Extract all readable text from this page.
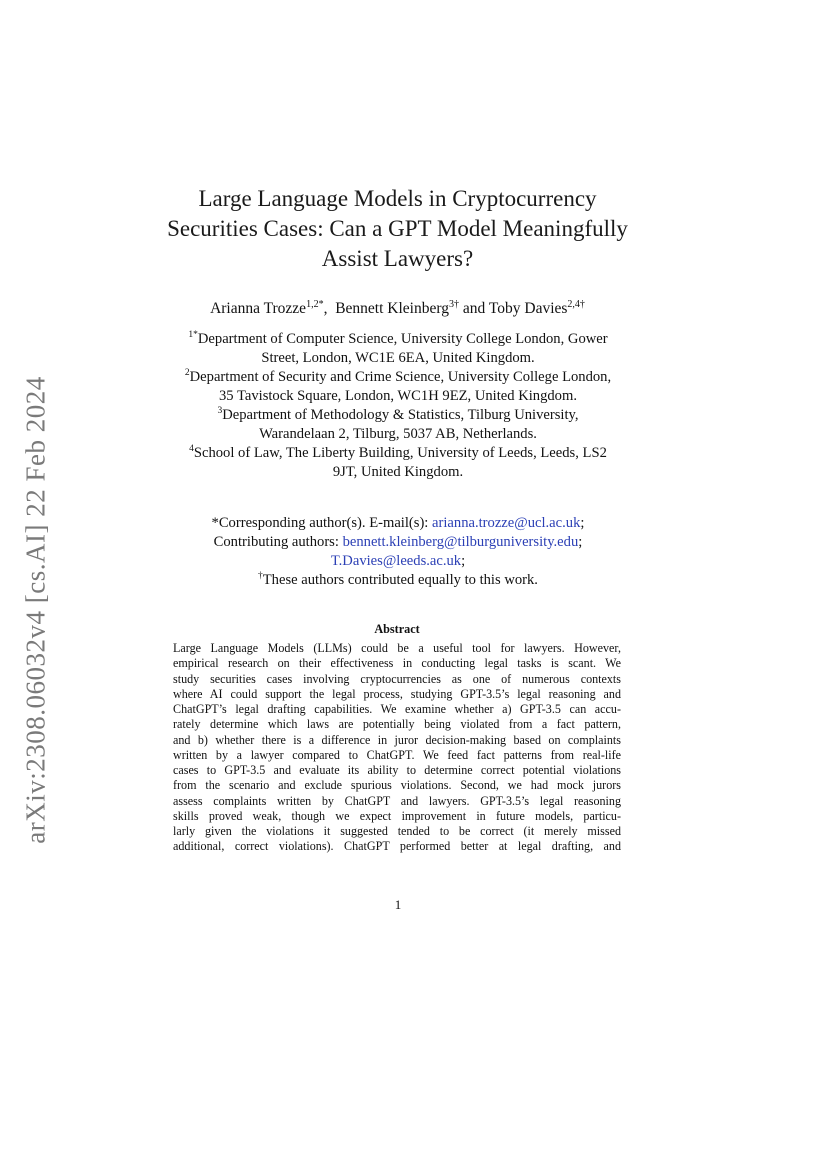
arXiv:2308.06032v4 [cs.AI] 22 Feb 2024
Large Language Models in Cryptocurrency
Securities Cases: Can a GPT Model Meaningfully
Assist Lawyers?
Arianna Trozze$^{1,2*}$,  Bennett Kleinberg$^{3\dagger}$ and Toby Davies$^{2,4\dagger}$

$^{1*}$Department of Computer Science, University College London, Gower
Street, London, WC1E 6EA, United Kingdom.

$^2$Department of Security and Crime Science, University College London,
35 Tavistock Square, London, WC1H 9EZ, United Kingdom.

$^3$Department of Methodology & Statistics, Tilburg University,
Warandelaan 2, Tilburg, 5037 AB, Netherlands.

$^4$School of Law, The Liberty Building, University of Leeds, Leeds, LS2
9JT, United Kingdom.

*Corresponding author(s). E-mail(s): arianna.trozze@ucl.ac.uk;

Contributing authors: bennett.kleinberg@tilburguniversity.edu;

T.Davies@leeds.ac.uk;

†These authors contributed equally to this work.

Abstract
Large Language Models (LLMs) could be a useful tool for lawyers. However,
empirical research on their effectiveness in conducting legal tasks is scant. We
study securities cases involving cryptocurrencies as one of numerous contexts
where AI could support the legal process, studying GPT-3.5’s legal reasoning and
ChatGPT’s legal drafting capabilities. We examine whether a) GPT-3.5 can accu-
rately determine which laws are potentially being violated from a fact pattern,
and b) whether there is a difference in juror decision-making based on complaints
written by a lawyer compared to ChatGPT. We feed fact patterns from real-life
cases to GPT-3.5 and evaluate its ability to determine correct potential violations
from the scenario and exclude spurious violations. Second, we had mock jurors
assess complaints written by ChatGPT and lawyers. GPT-3.5’s legal reasoning
skills proved weak, though we expect improvement in future models, particu-
larly given the violations it suggested tended to be correct (it merely missed
additional, correct violations). ChatGPT performed better at legal drafting, and
1
